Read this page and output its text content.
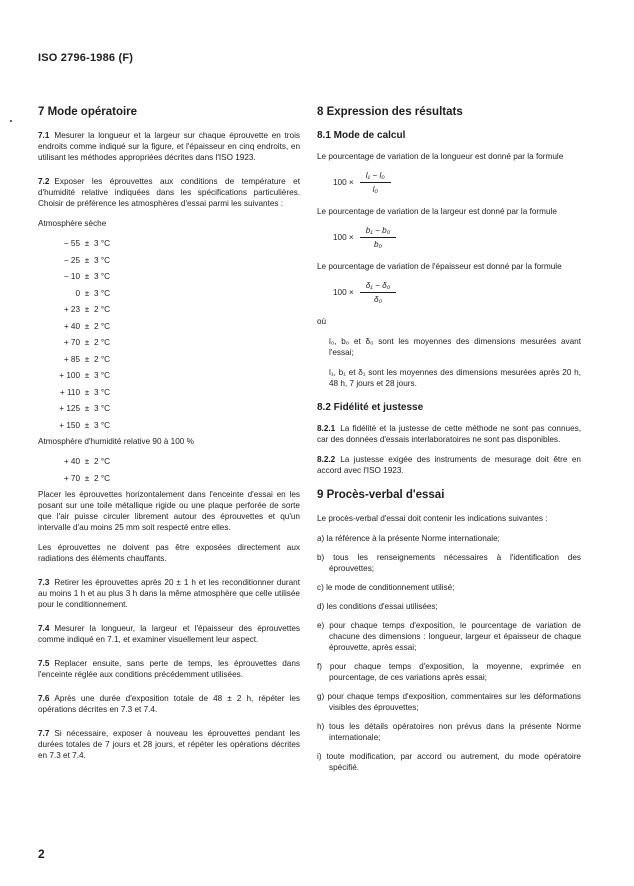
ISO 2796-1986 (F)
7 Mode opératoire

7.1 Mesurer la longueur et la largeur sur chaque éprouvette en trois endroits comme indiqué sur la figure, et l'épaisseur en cinq endroits, en utilisant les méthodes appropriées décrites dans l'ISO 1923.

7.2 Exposer les éprouvettes aux conditions de température et d'humidité relative indiquées dans les spécifications particulières. Choisir de préférence les atmosphères d'essai parmi les suivantes :

Atmosphère sèche

− 55 ± 3 °C
− 25 ± 3 °C
− 10 ± 3 °C
0 ± 3 °C
+ 23 ± 2 °C
+ 40 ± 2 °C
+ 70 ± 2 °C
+ 85 ± 2 °C
+ 100 ± 3 °C
+ 110 ± 3 °C
+ 125 ± 3 °C
+ 150 ± 3 °C

Atmosphère d'humidité relative 90 à 100 %

+ 40 ± 2 °C
+ 70 ± 2 °C

Placer les éprouvettes horizontalement dans l'enceinte d'essai en les posant sur une toile métallique rigide ou une plaque perforée de sorte que l'air puisse circuler librement autour des éprouvettes et qu'un intervalle d'au moins 25 mm soit respecté entre elles.

Les éprouvettes ne doivent pas être exposées directement aux radiations des éléments chauffants.

7.3 Retirer les éprouvettes après 20 ± 1 h et les reconditionner durant au moins 1 h et au plus 3 h dans la même atmosphère que celle utilisée pour le conditionnement.

7.4 Mesurer la longueur, la largeur et l'épaisseur des éprouvettes comme indiqué en 7.1, et examiner visuellement leur aspect.

7.5 Replacer ensuite, sans perte de temps, les éprouvettes dans l'enceinte réglée aux conditions précédemment utilisées.

7.6 Après une durée d'exposition totale de 48 ± 2 h, répéter les opérations décrites en 7.3 et 7.4.

7.7 Si nécessaire, exposer à nouveau les éprouvettes pendant les durées totales de 7 jours et 28 jours, et répéter les opérations décrites en 7.3 et 7.4.

8 Expression des résultats
8.1 Mode de calcul

Le pourcentage de variation de la longueur est donné par la formule

$100 \times \frac{\text{l₁ − l₀}}{\text{l₀}}$

Le pourcentage de variation de la largeur est donné par la formule

$100 \times \frac{\text{b₁ − b₀}}{\text{b₀}}$

Le pourcentage de variation de l'épaisseur est donné par la formule

$100 \times \frac{\text{δ₁ − δ₀}}{\text{δ₀}}$

où

l₀, b₀ et δ₀ sont les moyennes des dimensions mesurées avant l'essai;

l₁, b₁ et δ₁ sont les moyennes des dimensions mesurées après 20 h, 48 h, 7 jours et 28 jours.

8.2 Fidélité et justesse

8.2.1 La fidélité et la justesse de cette méthode ne sont pas connues, car des données d'essais interlaboratoires ne sont pas disponibles.

8.2.2 La justesse exigée des instruments de mesurage doit être en accord avec l'ISO 1923.

9 Procès-verbal d'essai

Le procès-verbal d'essai doit contenir les indications suivantes :

a) la référence à la présente Norme internationale;
b) tous les renseignements nécessaires à l'identification des éprouvettes;
c) le mode de conditionnement utilisé;
d) les conditions d'essai utilisées;
e) pour chaque temps d'exposition, le pourcentage de variation de chacune des dimensions : longueur, largeur et épaisseur de chaque éprouvette, après essai;
f) pour chaque temps d'exposition, la moyenne, exprimée en pourcentage, de ces variations après essai;
g) pour chaque temps d'exposition, commentaires sur les déformations visibles des éprouvettes;
h) tous les détails opératoires non prévus dans la présente Norme internationale;
i) toute modification, par accord ou autrement, du mode opératoire spécifié.
2
